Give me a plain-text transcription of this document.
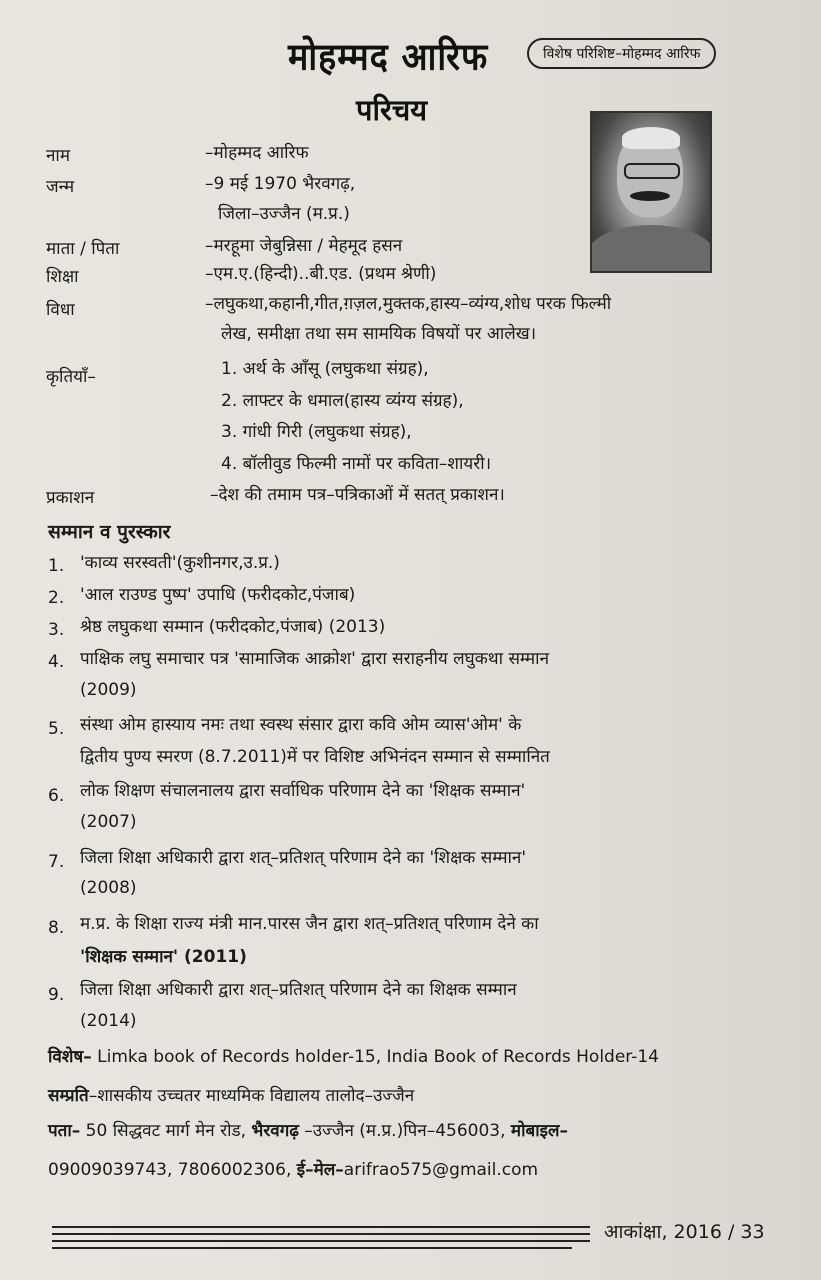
मोहम्मद आरिफ	विशेष परिशिष्ट–मोहम्मद आरिफ
परिचय
नाम	–मोहम्मद आरिफ
जन्म	–9 मई 1970 भैरवगढ़,
जिला–उज्जैन (म.प्र.)
माता / पिता	–मरहूमा जेबुन्निसा / मेहमूद हसन
शिक्षा	–एम.ए.(हिन्दी)..बी.एड. (प्रथम श्रेणी)
विधा	–लघुकथा,कहानी,गीत,ग़ज़ल,मुक्तक,हास्य–व्यंग्य,शोध परक फिल्मी
लेख, समीक्षा तथा सम सामयिक विषयों पर आलेख।
कृतियाँ–	1. अर्थ के आँसू (लघुकथा संग्रह),
2. लाफ्टर के धमाल(हास्य व्यंग्य संग्रह),
3. गांधी गिरी (लघुकथा संग्रह),
4. बॉलीवुड फिल्मी नामों पर कविता–शायरी।
प्रकाशन	–देश की तमाम पत्र–पत्रिकाओं में सतत् प्रकाशन।
सम्मान व पुरस्कार
1. 'काव्य सरस्वती'(कुशीनगर,उ.प्र.)
2. 'आल राउण्ड पुष्प' उपाधि (फरीदकोट,पंजाब)
3. श्रेष्ठ लघुकथा सम्मान (फरीदकोट,पंजाब) (2013)
4. पाक्षिक लघु समाचार पत्र 'सामाजिक आक्रोश' द्वारा सराहनीय लघुकथा सम्मान
(2009)
5. संस्था ओम हास्याय नमः तथा स्वस्थ संसार द्वारा कवि ओम व्यास'ओम' के
द्वितीय पुण्य स्मरण (8.7.2011)में पर विशिष्ट अभिनंदन सम्मान से सम्मानित
6. लोक शिक्षण संचालनालय द्वारा सर्वाधिक परिणाम देने का 'शिक्षक सम्मान'
(2007)
7. जिला शिक्षा अधिकारी द्वारा शत्–प्रतिशत् परिणाम देने का 'शिक्षक सम्मान'
(2008)
8. म.प्र. के शिक्षा राज्य मंत्री मान.पारस जैन द्वारा शत्–प्रतिशत् परिणाम देने का
'शिक्षक सम्मान' (2011)
9. जिला शिक्षा अधिकारी द्वारा शत्–प्रतिशत् परिणाम देने का शिक्षक सम्मान
(2014)
विशेष– Limka book of Records holder-15, India Book of Records Holder-14
सम्प्रति–शासकीय उच्चतर माध्यमिक विद्यालय तालोद–उज्जैन
पता– 50 सिद्धवट मार्ग मेन रोड, भैरवगढ़ –उज्जैन (म.प्र.)पिन–456003, मोबाइल–
09009039743, 7806002306, ई–मेल–arifrao575@gmail.com
आकांक्षा, 2016 / 33
